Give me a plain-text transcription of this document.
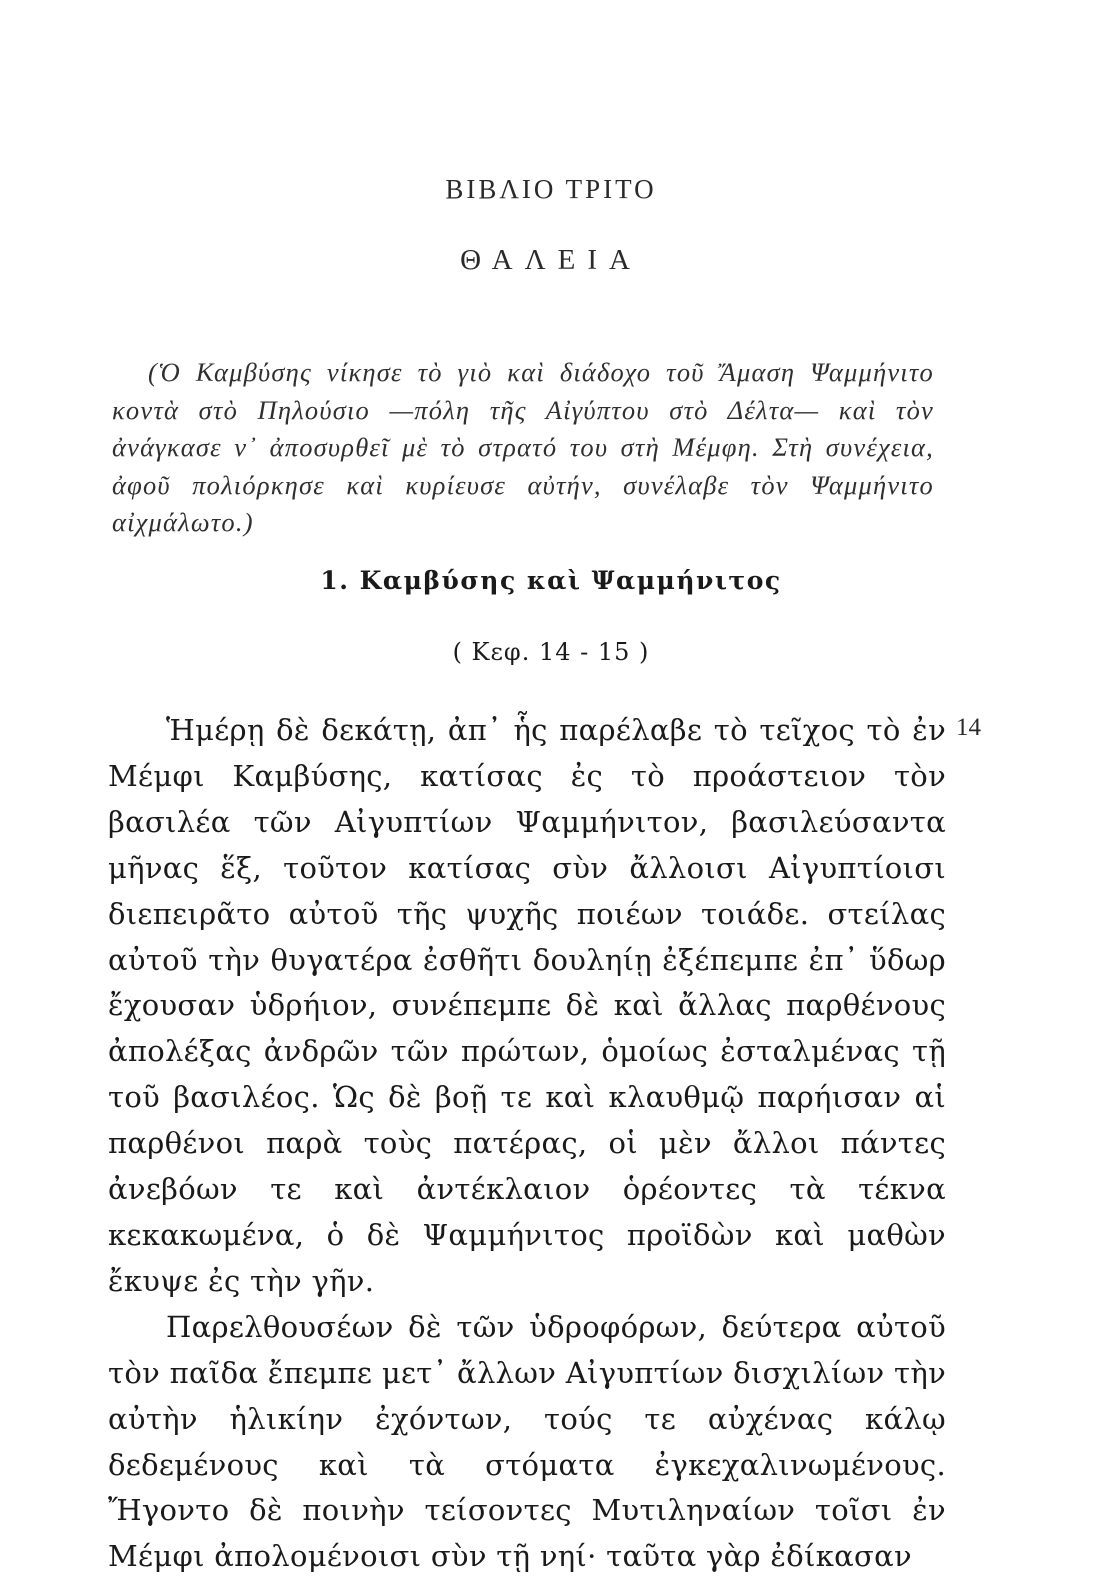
ΒΙΒΛΙΟ ΤΡΙΤΟ
ΘΑΛΕΙΑ

(Ὁ Καμβύσης νίκησε τὸ γιὸ καὶ διάδοχο τοῦ Ἄμαση Ψαμμήνιτο κοντὰ στὸ Πηλούσιο —πόλη τῆς Αἰγύπτου στὸ Δέλτα— καὶ τὸν ἀνάγκασε ν᾽ ἀποσυρθεῖ μὲ τὸ στρατό του στὴ Μέμφη. Στὴ συνέχεια, ἀφοῦ πολιόρκησε καὶ κυρίευσε αὐτήν, συνέλαβε τὸν Ψαμμήνιτο αἰχμάλωτο.)

1. Καμβύσης καὶ Ψαμμήνιτος
( Κεφ. 14 - 15 )

Ἡμέρῃ δὲ δεκάτῃ, ἀπ᾽ ἧς παρέλαβε τὸ τεῖχος τὸ ἐν Μέμφι Καμβύσης, κατίσας ἐς τὸ προάστειον τὸν βασιλέα τῶν Αἰγυπτίων Ψαμμήνιτον, βασιλεύσαντα μῆνας ἕξ, τοῦτον κατίσας σὺν ἄλλοισι Αἰγυπτίοισι διεπειρᾶτο αὐτοῦ τῆς ψυχῆς ποιέων τοιάδε. στείλας αὐτοῦ τὴν θυγατέρα ἐσθῆτι δουληίῃ ἐξέπεμπε ἐπ᾽ ὕδωρ ἔχουσαν ὑδρήιον, συνέπεμπε δὲ καὶ ἄλλας παρθένους ἀπολέξας ἀνδρῶν τῶν πρώτων, ὁμοίως ἐσταλμένας τῇ τοῦ βασιλέος. Ὡς δὲ βοῇ τε καὶ κλαυθμῷ παρήισαν αἱ παρθένοι παρὰ τοὺς πατέρας, οἱ μὲν ἄλλοι πάντες ἀνεβόων τε καὶ ἀντέκλαιον ὁρέοντες τὰ τέκνα κεκακωμένα, ὁ δὲ Ψαμμήνιτος προϊδὼν καὶ μαθὼν ἔκυψε ἐς τὴν γῆν.

Παρελθουσέων δὲ τῶν ὑδροφόρων, δεύτερα αὐτοῦ τὸν παῖδα ἔπεμπε μετ᾽ ἄλλων Αἰγυπτίων δισχιλίων τὴν αὐτὴν ἡλικίην ἐχόντων, τούς τε αὐχένας κάλῳ δεδεμένους καὶ τὰ στόματα ἐγκεχαλινωμένους. Ἤγοντο δὲ ποινὴν τείσοντες Μυτιληναίων τοῖσι ἐν Μέμφι ἀπολομένοισι σὺν τῇ νηί· ταῦτα γὰρ ἐδίκασαν

14
